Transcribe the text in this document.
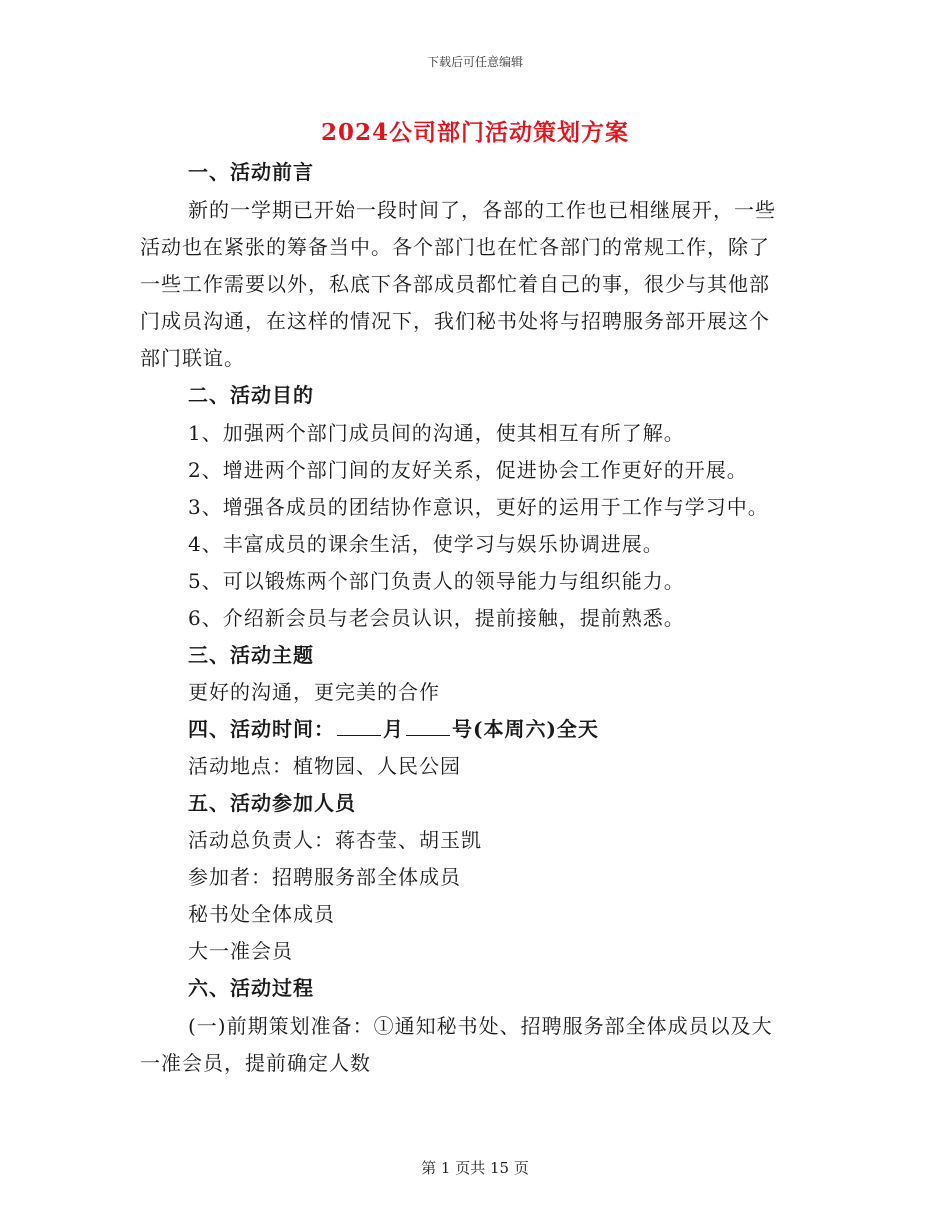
下载后可任意编辑
2024公司部门活动策划方案
一、活动前言
新的一学期已开始一段时间了，各部的工作也已相继展开，一些
活动也在紧张的筹备当中。各个部门也在忙各部门的常规工作，除了
一些工作需要以外，私底下各部成员都忙着自己的事，很少与其他部
门成员沟通，在这样的情况下，我们秘书处将与招聘服务部开展这个
部门联谊。
二、活动目的
1、加强两个部门成员间的沟通，使其相互有所了解。
2、增进两个部门间的友好关系，促进协会工作更好的开展。
3、增强各成员的团结协作意识，更好的运用于工作与学习中。
4、丰富成员的课余生活，使学习与娱乐协调进展。
5、可以锻炼两个部门负责人的领导能力与组织能力。
6、介绍新会员与老会员认识，提前接触，提前熟悉。
三、活动主题
更好的沟通，更完美的合作
四、活动时间： 月 号(本周六)全天
活动地点：植物园、人民公园
五、活动参加人员
活动总负责人：蒋杏莹、胡玉凯
参加者：招聘服务部全体成员
秘书处全体成员
大一准会员
六、活动过程
(一)前期策划准备：①通知秘书处、招聘服务部全体成员以及大
一准会员，提前确定人数
第 1 页共 15 页
